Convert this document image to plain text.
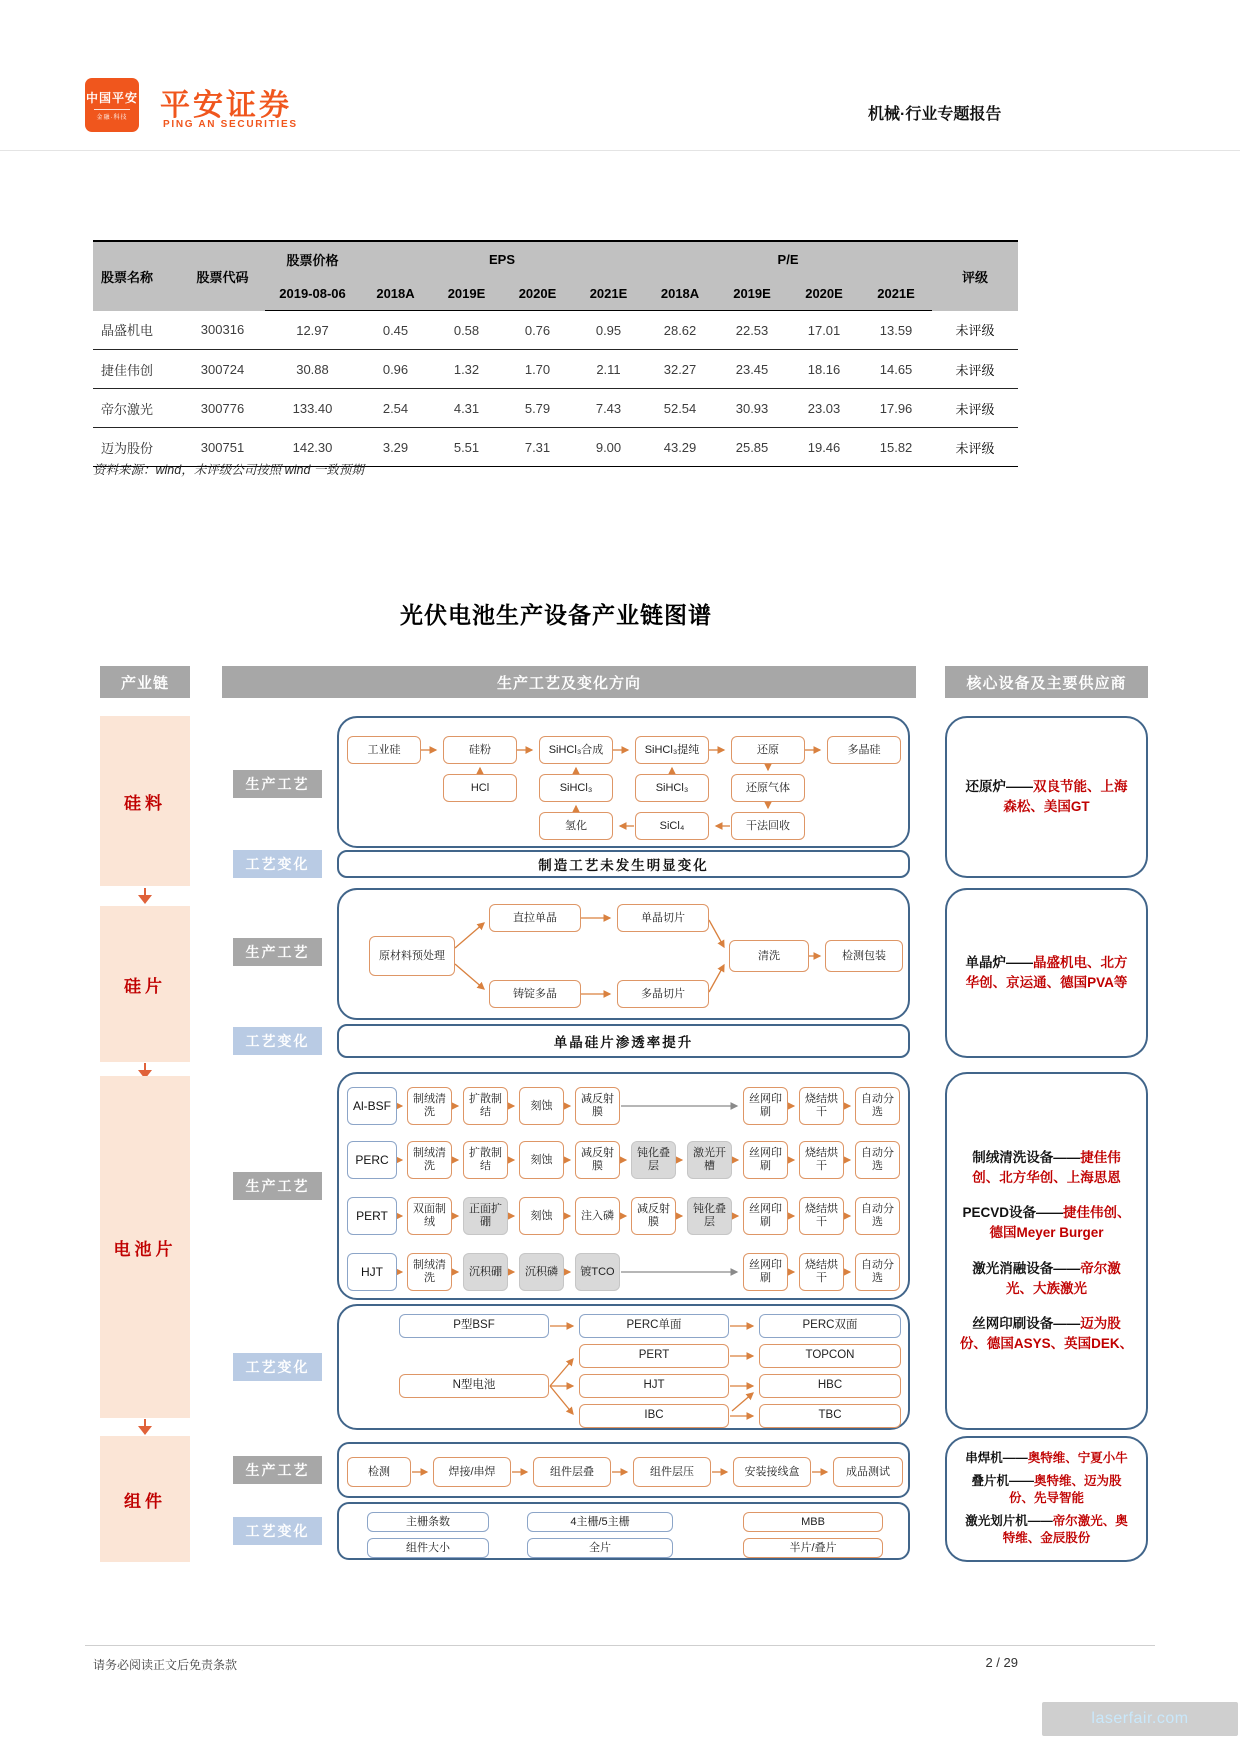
中国平安
金融·科技 平安证券
PING AN SECURITIES
机械·行业专题报告
股票名称	股票代码	股票价格	EPS				P/E				评级
		2019-08-06	2018A	2019E	2020E	2021E	2018A	2019E	2020E	2021E	
晶盛机电	300316	12.97	0.45	0.58	0.76	0.95	28.62	22.53	17.01	13.59	未评级
捷佳伟创	300724	30.88	0.96	1.32	1.70	2.11	32.27	23.45	18.16	14.65	未评级
帝尔激光	300776	133.40	2.54	4.31	5.79	7.43	52.54	30.93	23.03	17.96	未评级
迈为股份	300751	142.30	3.29	5.51	7.31	9.00	43.29	25.85	19.46	15.82	未评级
资料来源：wind，未评级公司按照 wind 一致预期
光伏电池生产设备产业链图谱
产业链	生产工艺及变化方向	核心设备及主要供应商
硅料
硅片
电池片
组件
生产工艺
工艺变化
生产工艺
工艺变化
生产工艺
工艺变化
生产工艺
工艺变化
工业硅	硅粉	SiHCl₃合成	SiHCl₃提纯	还原	多晶硅
HCl	SiHCl₃	SiHCl₃	还原气体
氢化	SiCl₄	干法回收
制造工艺未发生明显变化
原材料预处理
直拉单晶	单晶切片
铸锭多晶	多晶切片
清洗	检测包装
单晶硅片渗透率提升
Al-BSF	制绒清洗
扩散制结
刻蚀
减反射膜
丝网印刷
烧结烘干
自动分选
PERC	制绒清洗
扩散制结
刻蚀
减反射膜
钝化叠层
激光开槽
丝网印刷
烧结烘干
自动分选
PERT	双面制绒
正面扩硼
刻蚀	注入磷
减反射膜
钝化叠层
丝网印刷
烧结烘干
自动分选
HJT	制绒清洗
沉积硼	沉积磷	镀TCO
丝网印刷
烧结烘干
自动分选
P型BSF	PERC单面	PERC双面
PERT	TOPCON
N型电池	HJT	HBC
IBC	TBC
检测	焊接/串焊	组件层叠	组件层压	安装接线盒	成品测试
主栅条数	4主栅/5主栅	MBB
组件大小	全片	半片/叠片
还原炉——双良节能、上海森松、美国GT
单晶炉——晶盛机电、北方华创、京运通、德国PVA等
制绒清洗设备——捷佳伟创、北方华创、上海思恩
PECVD设备——捷佳伟创、德国Meyer Burger
激光消融设备——帝尔激光、大族激光
丝网印刷设备——迈为股份、德国ASYS、英国DEK、
串焊机——奥特维、宁夏小牛
叠片机——奥特维、迈为股份、先导智能
激光划片机——帝尔激光、奥特维、金辰股份
请务必阅读正文后免责条款	2 / 29
laserfair.com
